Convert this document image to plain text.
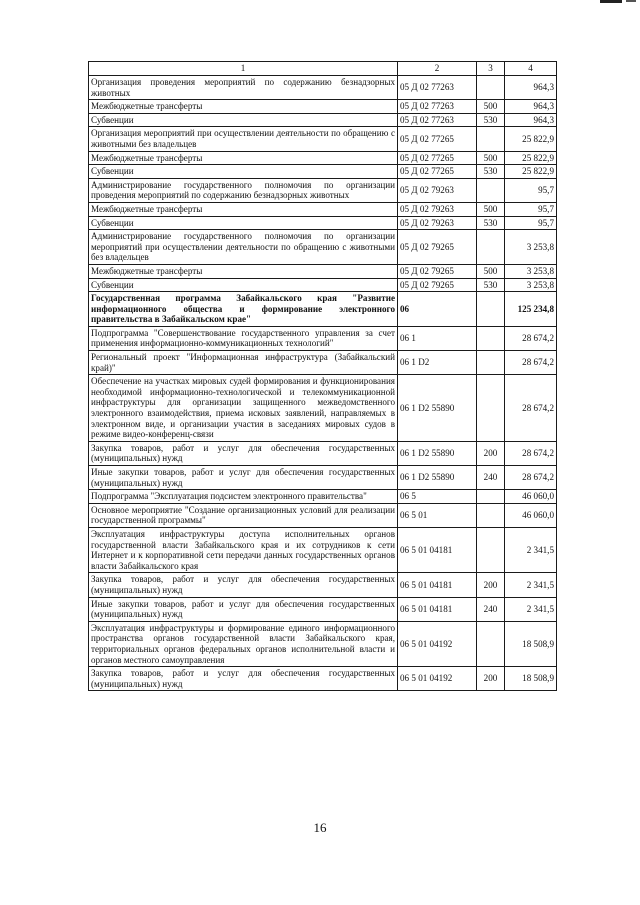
1	2	3	4
Организация проведения мероприятий по содержанию безнадзорных животных	05 Д 02 77263		964,3
Межбюджетные трансферты	05 Д 02 77263	500	964,3
Субвенции	05 Д 02 77263	530	964,3
Организация мероприятий при осуществлении деятельности по обращению с животными без владельцев	05 Д 02 77265		25 822,9
Межбюджетные трансферты	05 Д 02 77265	500	25 822,9
Субвенции	05 Д 02 77265	530	25 822,9
Администрирование государственного полномочия по организации проведения мероприятий по содержанию безнадзорных животных	05 Д 02 79263		95,7
Межбюджетные трансферты	05 Д 02 79263	500	95,7
Субвенции	05 Д 02 79263	530	95,7
Администрирование государственного полномочия по организации мероприятий при осуществлении деятельности по обращению с животными без владельцев	05 Д 02 79265		3 253,8
Межбюджетные трансферты	05 Д 02 79265	500	3 253,8
Субвенции	05 Д 02 79265	530	3 253,8
Государственная программа Забайкальского края "Развитие информационного общества и формирование электронного правительства в Забайкальском крае"	06		125 234,8
Подпрограмма "Совершенствование государственного управления за счет применения информационно-коммуникационных технологий"	06 1		28 674,2
Региональный проект "Информационная инфраструктура (Забайкальский край)"	06 1 D2		28 674,2
Обеспечение на участках мировых судей формирования и функционирования необходимой информационно-технологической и телекоммуникационной инфраструктуры для организации защищенного межведомственного электронного взаимодействия, приема исковых заявлений, направляемых в электронном виде, и организации участия в заседаниях мировых судов в режиме видео-конференц-связи	06 1 D2 55890		28 674,2
Закупка товаров, работ и услуг для обеспечения государственных (муниципальных) нужд	06 1 D2 55890	200	28 674,2
Иные закупки товаров, работ и услуг для обеспечения государственных (муниципальных) нужд	06 1 D2 55890	240	28 674,2
Подпрограмма "Эксплуатация подсистем электронного правительства"	06 5		46 060,0
Основное мероприятие "Создание организационных условий для реализации государственной программы"	06 5 01		46 060,0
Эксплуатация инфраструктуры доступа исполнительных органов государственной власти Забайкальского края и их сотрудников к сети Интернет и к корпоративной сети передачи данных государственных органов власти Забайкальского края	06 5 01 04181		2 341,5
Закупка товаров, работ и услуг для обеспечения государственных (муниципальных) нужд	06 5 01 04181	200	2 341,5
Иные закупки товаров, работ и услуг для обеспечения государственных (муниципальных) нужд	06 5 01 04181	240	2 341,5
Эксплуатация инфраструктуры и формирование единого информационного пространства органов государственной власти Забайкальского края, территориальных органов федеральных органов исполнительной власти и органов местного самоуправления	06 5 01 04192		18 508,9
Закупка товаров, работ и услуг для обеспечения государственных (муниципальных) нужд	06 5 01 04192	200	18 508,9
16
